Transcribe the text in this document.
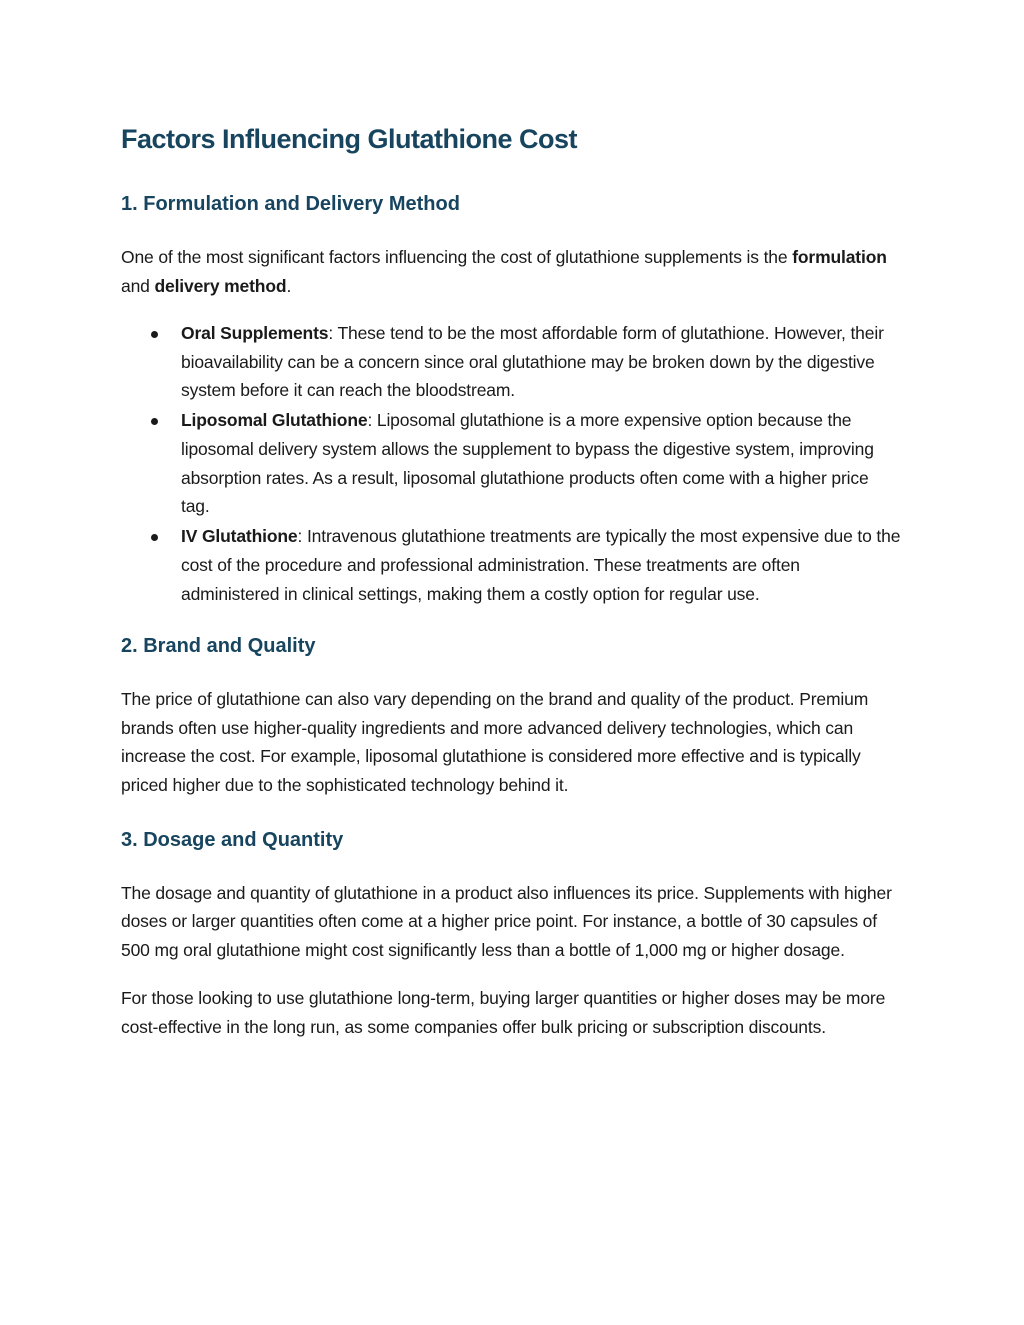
Factors Influencing Glutathione Cost
1. Formulation and Delivery Method

One of the most significant factors influencing the cost of glutathione supplements is the formulation and delivery method.

Oral Supplements: These tend to be the most affordable form of glutathione. However, their bioavailability can be a concern since oral glutathione may be broken down by the digestive system before it can reach the bloodstream.
Liposomal Glutathione: Liposomal glutathione is a more expensive option because the liposomal delivery system allows the supplement to bypass the digestive system, improving absorption rates. As a result, liposomal glutathione products often come with a higher price tag.
IV Glutathione: Intravenous glutathione treatments are typically the most expensive due to the cost of the procedure and professional administration. These treatments are often administered in clinical settings, making them a costly option for regular use.
2. Brand and Quality

The price of glutathione can also vary depending on the brand and quality of the product. Premium brands often use higher-quality ingredients and more advanced delivery technologies, which can increase the cost. For example, liposomal glutathione is considered more effective and is typically priced higher due to the sophisticated technology behind it.

3. Dosage and Quantity

The dosage and quantity of glutathione in a product also influences its price. Supplements with higher doses or larger quantities often come at a higher price point. For instance, a bottle of 30 capsules of 500 mg oral glutathione might cost significantly less than a bottle of 1,000 mg or higher dosage.

For those looking to use glutathione long-term, buying larger quantities or higher doses may be more cost-effective in the long run, as some companies offer bulk pricing or subscription discounts.
